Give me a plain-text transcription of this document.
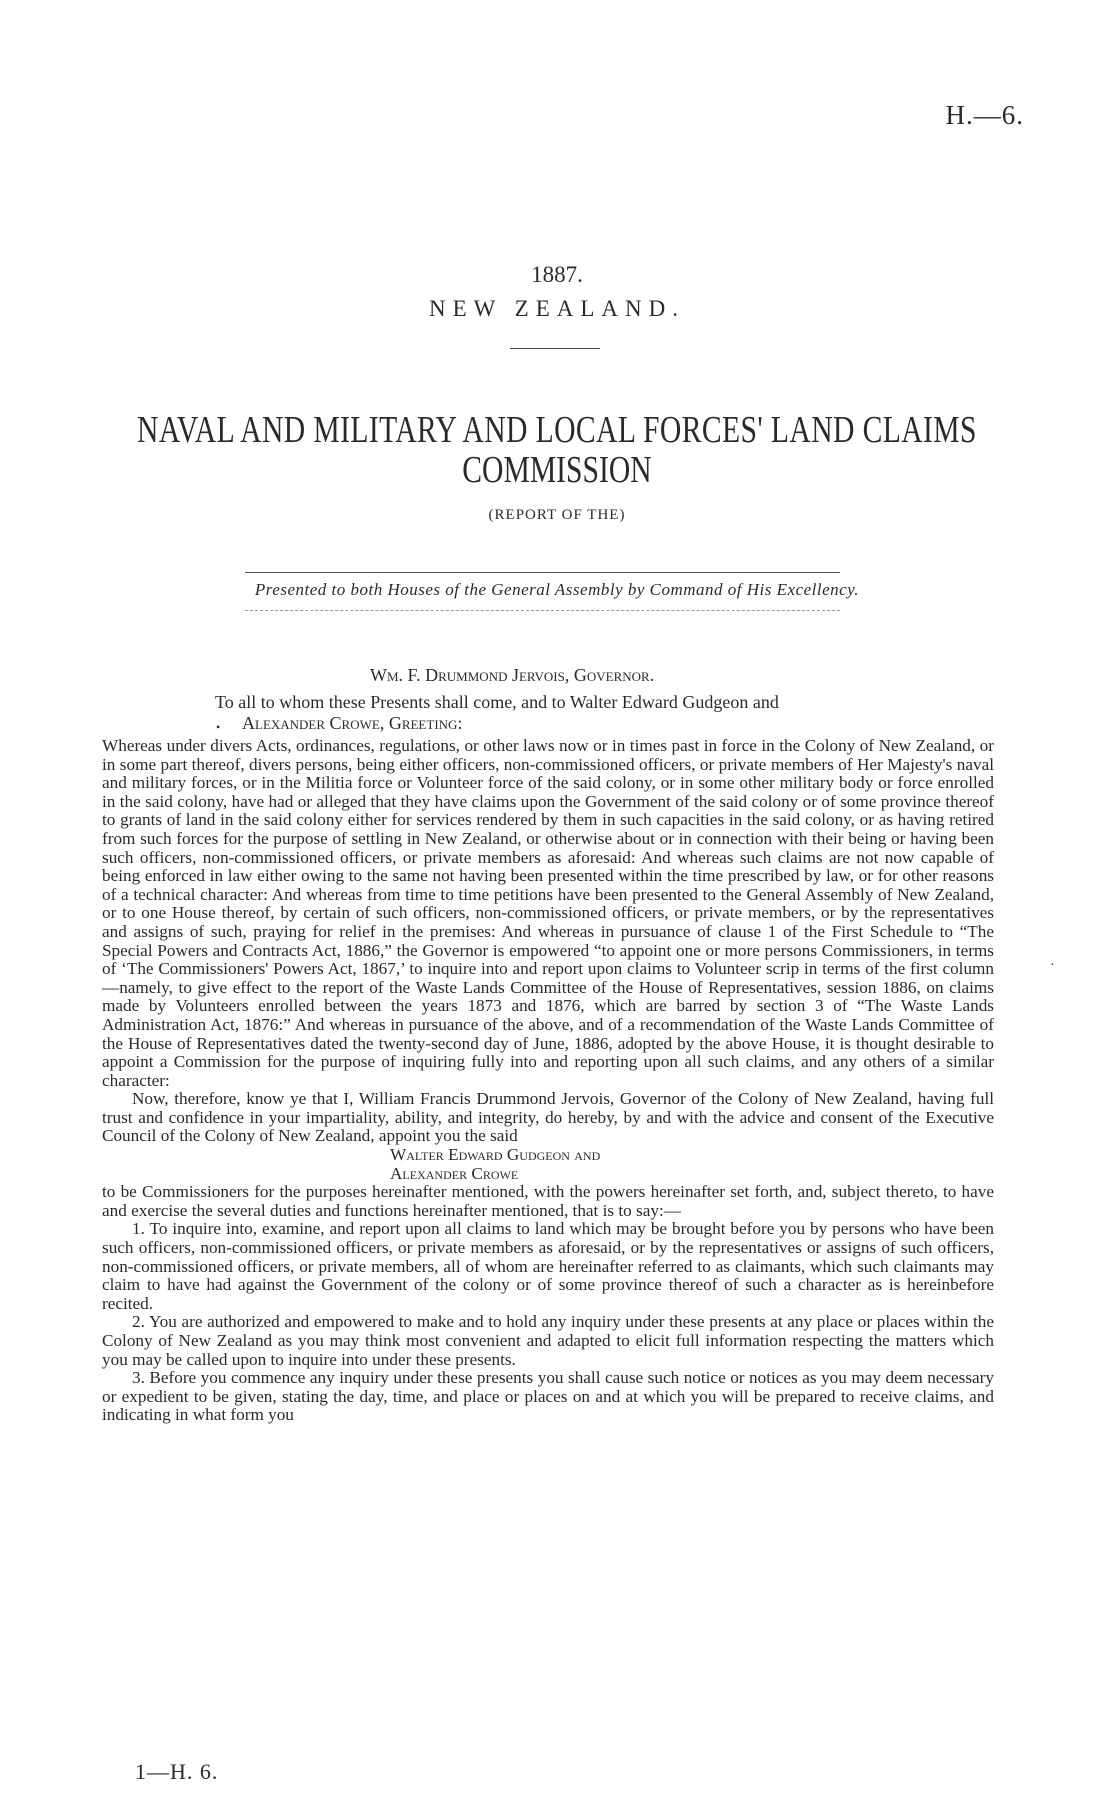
H.—6.
1887.
NEW ZEALAND.
NAVAL AND MILITARY AND LOCAL FORCES' LAND CLAIMS
COMMISSION
(REPORT OF THE)
Presented to both Houses of the General Assembly by Command of His Excellency.
Wm. F. Drummond Jervois, Governor.
To all to whom these Presents shall come, and to Walter Edward Gudgeon and
• Alexander Crowe, Greeting:

Whereas under divers Acts, ordinances, regulations, or other laws now or in times past in force in the Colony of New Zealand, or in some part thereof, divers persons, being either officers, non-commissioned officers, or private members of Her Majesty's naval and military forces, or in the Militia force or Volunteer force of the said colony, or in some other military body or force enrolled in the said colony, have had or alleged that they have claims upon the Government of the said colony or of some province thereof to grants of land in the said colony either for services rendered by them in such capacities in the said colony, or as having retired from such forces for the purpose of settling in New Zealand, or otherwise about or in connection with their being or having been such officers, non-commissioned officers, or private members as aforesaid: And whereas such claims are not now capable of being enforced in law either owing to the same not having been presented within the time prescribed by law, or for other reasons of a technical character: And whereas from time to time petitions have been presented to the General Assembly of New Zealand, or to one House thereof, by certain of such officers, non-commissioned officers, or private members, or by the representatives and assigns of such, praying for relief in the premises: And whereas in pursuance of clause 1 of the First Schedule to “The Special Powers and Contracts Act, 1886,” the Governor is empowered “to appoint one or more persons Commissioners, in terms of ‘The Commissioners' Powers Act, 1867,’ to inquire into and report upon claims to Volunteer scrip in terms of the first column—namely, to give effect to the report of the Waste Lands Committee of the House of Representatives, session 1886, on claims made by Volunteers enrolled between the years 1873 and 1876, which are barred by section 3 of “The Waste Lands Administration Act, 1876:” And whereas in pursuance of the above, and of a recommendation of the Waste Lands Committee of the House of Representatives dated the twenty-second day of June, 1886, adopted by the above House, it is thought desirable to appoint a Commission for the purpose of inquiring fully into and reporting upon all such claims, and any others of a similar character:

Now, therefore, know ye that I, William Francis Drummond Jervois, Governor of the Colony of New Zealand, having full trust and confidence in your impartiality, ability, and integrity, do hereby, by and with the advice and consent of the Executive Council of the Colony of New Zealand, appoint you the said

Walter Edward Gudgeon and

Alexander Crowe

to be Commissioners for the purposes hereinafter mentioned, with the powers hereinafter set forth, and, subject thereto, to have and exercise the several duties and functions hereinafter mentioned, that is to say:—

1. To inquire into, examine, and report upon all claims to land which may be brought before you by persons who have been such officers, non-commissioned officers, or private members as aforesaid, or by the representatives or assigns of such officers, non-commissioned officers, or private members, all of whom are hereinafter referred to as claimants, which such claimants may claim to have had against the Government of the colony or of some province thereof of such a character as is hereinbefore recited.

2. You are authorized and empowered to make and to hold any inquiry under these presents at any place or places within the Colony of New Zealand as you may think most convenient and adapted to elicit full information respecting the matters which you may be called upon to inquire into under these presents.

3. Before you commence any inquiry under these presents you shall cause such notice or notices as you may deem necessary or expedient to be given, stating the day, time, and place or places on and at which you will be prepared to receive claims, and indicating in what form you

·
1—H. 6.
